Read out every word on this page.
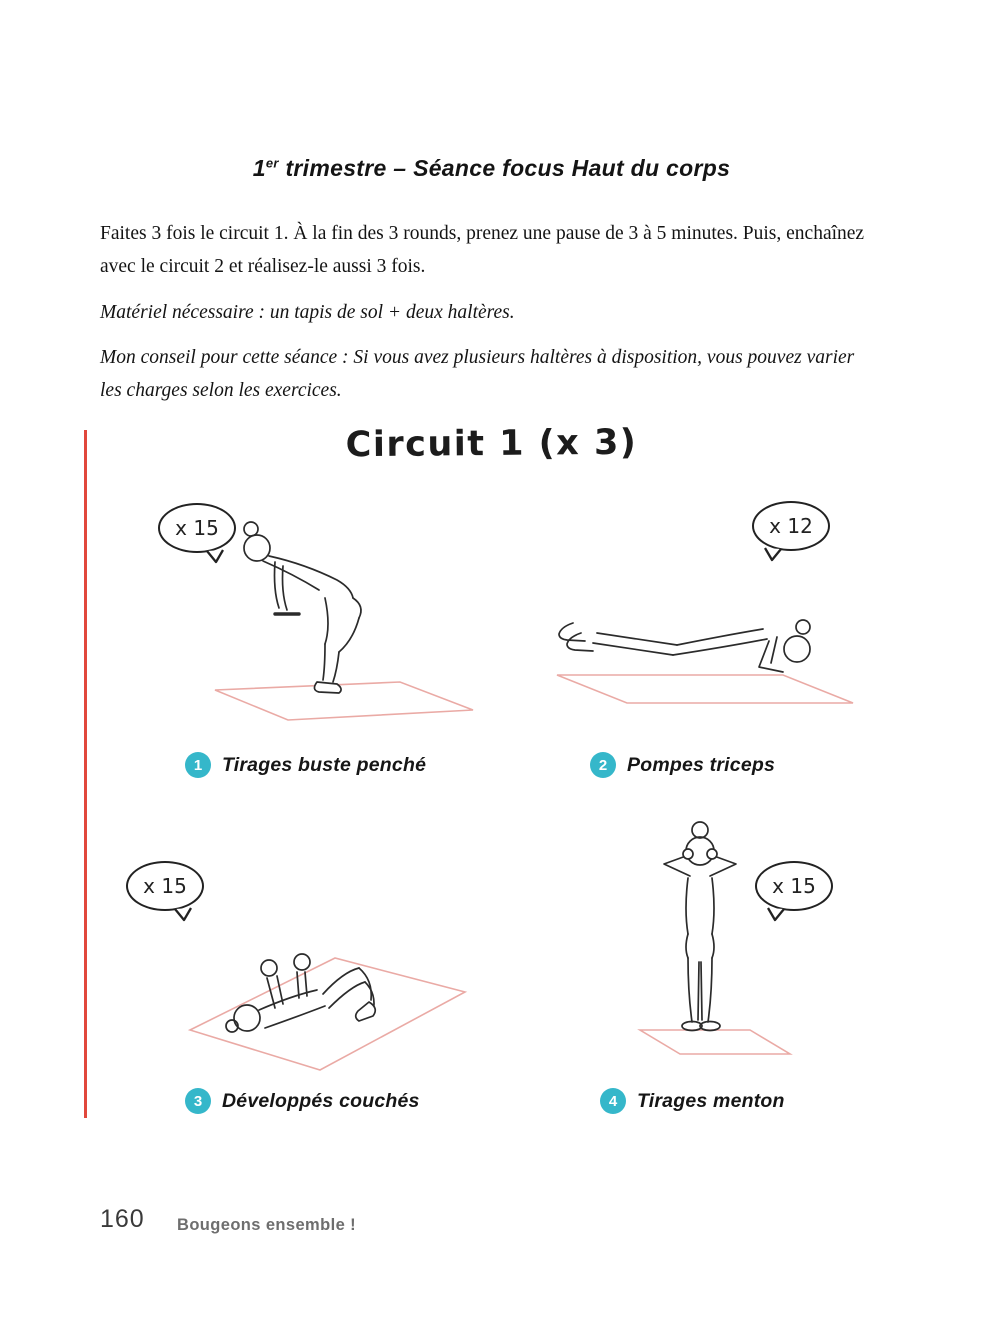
1er trimestre – Séance focus Haut du corps

Faites 3 fois le circuit 1. À la fin des 3 rounds, prenez une pause de 3 à 5 minutes. Puis, enchaînez avec le circuit 2 et réalisez-le aussi 3 fois.

Matériel nécessaire : un tapis de sol + deux haltères.

Mon conseil pour cette séance : Si vous avez plusieurs haltères à disposition, vous pouvez varier les charges selon les exercices.

Circuit 1 (x 3)
x 15
1	Tirages buste penché
x 12
2	Pompes triceps
x 15
3	Développés couchés
x 15
4	Tirages menton
160 Bougeons ensemble !
